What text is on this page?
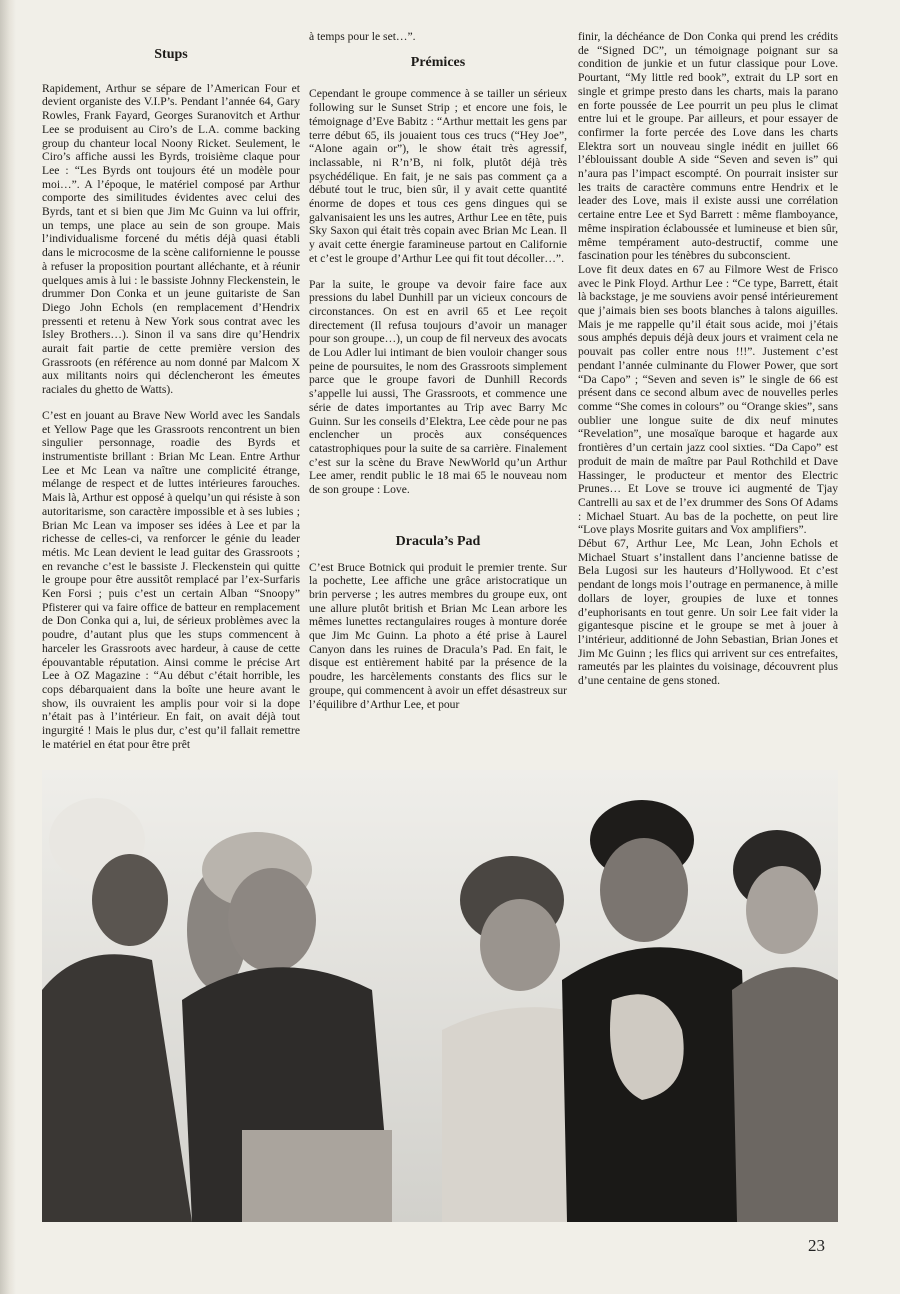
Stups

Rapidement, Arthur se sépare de l’American Four et devient organiste des V.I.P’s. Pendant l’année 64, Gary Rowles, Frank Fayard, Georges Suranovitch et Arthur Lee se produisent au Ciro’s de L.A. comme backing group du chanteur local Noony Ricket. Seulement, le Ciro’s affiche aussi les Byrds, troisième claque pour Lee : “Les Byrds ont toujours été un modèle pour moi…”. A l’époque, le matériel composé par Arthur comporte des similitudes évidentes avec celui des Byrds, tant et si bien que Jim Mc Guinn va lui offrir, un temps, une place au sein de son groupe. Mais l’individualisme forcené du métis déjà quasi établi dans le microcosme de la scène californienne le pousse à refuser la proposition pourtant alléchante, et à réunir quelques amis à lui : le bassiste Johnny Fleckenstein, le drummer Don Conka et un jeune guitariste de San Diego John Echols (en remplacement d’Hendrix pressenti et retenu à New York sous contrat avec les Isley Brothers…). Sinon il va sans dire qu’Hendrix aurait fait partie de cette première version des Grassroots (en référence au nom donné par Malcom X aux militants noirs qui déclencheront les émeutes raciales du ghetto de Watts).

C’est en jouant au Brave New World avec les Sandals et Yellow Page que les Grassroots rencontrent un bien singulier personnage, roadie des Byrds et instrumentiste brillant : Brian Mc Lean. Entre Arthur Lee et Mc Lean va naître une complicité étrange, mélange de respect et de luttes intérieures farouches. Mais là, Arthur est opposé à quelqu’un qui résiste à son autoritarisme, son caractère impossible et à ses lubies ; Brian Mc Lean va imposer ses idées à Lee et par la richesse de celles-ci, va renforcer le génie du leader métis. Mc Lean devient le lead guitar des Grassroots ; en revanche c’est le bassiste J. Fleckenstein qui quitte le groupe pour être aussitôt remplacé par l’ex-Surfaris Ken Forsi ; puis c’est un certain Alban “Snoopy” Pfisterer qui va faire office de batteur en remplacement de Don Conka qui a, lui, de sérieux problèmes avec la poudre, d’autant plus que les stups commencent à harceler les Grassroots avec hardeur, à cause de cette épouvantable réputation. Ainsi comme le précise Art Lee à OZ Magazine : “Au début c’était horrible, les cops débarquaient dans la boîte une heure avant le show, ils ouvraient les amplis pour voir si la dope n’était pas à l’intérieur. En fait, on avait déjà tout ingurgité ! Mais le plus dur, c’est qu’il fallait remettre le matériel en état pour être prêt

à temps pour le set…”.

Prémices

Cependant le groupe commence à se tailler un sérieux following sur le Sunset Strip ; et encore une fois, le témoignage d’Eve Babitz : “Arthur mettait les gens par terre début 65, ils jouaient tous ces trucs (“Hey Joe”, “Alone again or”), le show était très agressif, inclassable, ni R’n’B, ni folk, plutôt déjà très psychédélique. En fait, je ne sais pas comment ça a débuté tout le truc, bien sûr, il y avait cette quantité énorme de dopes et tous ces gens dingues qui se galvanisaient les uns les autres, Arthur Lee en tête, puis Sky Saxon qui était très copain avec Brian Mc Lean. Il y avait cette énergie faramineuse partout en Californie et c’est le groupe d’Arthur Lee qui fit tout décoller…”.

Par la suite, le groupe va devoir faire face aux pressions du label Dunhill par un vicieux concours de circonstances. On est en avril 65 et Lee reçoit directement (Il refusa toujours d’avoir un manager pour son groupe…), un coup de fil nerveux des avocats de Lou Adler lui intimant de bien vouloir changer sous peine de poursuites, le nom des Grassroots simplement parce que le groupe favori de Dunhill Records s’appelle lui aussi, The Grassroots, et commence une série de dates importantes au Trip avec Barry Mc Guinn. Sur les conseils d’Elektra, Lee cède pour ne pas enclencher un procès aux conséquences catastrophiques pour la suite de sa carrière. Finalement c’est sur la scène du Brave NewWorld qu’un Arthur Lee amer, rendit public le 18 mai 65 le nouveau nom de son groupe : Love.

Dracula’s Pad

C’est Bruce Botnick qui produit le premier trente. Sur la pochette, Lee affiche une grâce aristocratique un brin perverse ; les autres membres du groupe eux, ont une allure plutôt british et Brian Mc Lean arbore les mêmes lunettes rectangulaires rouges à monture dorée que Jim Mc Guinn. La photo a été prise à Laurel Canyon dans les ruines de Dracula’s Pad. En fait, le disque est entièrement habité par la présence de la poudre, les harcèlements constants des flics sur le groupe, qui commencent à avoir un effet désastreux sur l’équilibre d’Arthur Lee, et pour

finir, la déchéance de Don Conka qui prend les crédits de “Signed DC”, un témoignage poignant sur sa condition de junkie et un futur classique pour Love. Pourtant, “My little red book”, extrait du LP sort en single et grimpe presto dans les charts, mais la parano en forte poussée de Lee pourrit un peu plus le climat entre lui et le groupe. Par ailleurs, et pour essayer de confirmer la forte percée des Love dans les charts Elektra sort un nouveau single inédit en juillet 66 l’éblouissant double A side “Seven and seven is” qui n’aura pas l’impact escompté. On pourrait insister sur les traits de caractère communs entre Hendrix et le leader des Love, mais il existe aussi une corrélation certaine entre Lee et Syd Barrett : même flamboyance, même inspiration éclaboussée et lumineuse et bien sûr, même tempérament auto-destructif, comme une fascination pour les ténèbres du subconscient.

Love fit deux dates en 67 au Filmore West de Frisco avec le Pink Floyd. Arthur Lee : “Ce type, Barrett, était là backstage, je me souviens avoir pensé intérieurement que j’aimais bien ses boots blanches à talons aiguilles. Mais je me rappelle qu’il était sous acide, moi j’étais sous amphés depuis déjà deux jours et vraiment cela ne pouvait pas coller entre nous !!!”. Justement c’est pendant l’année culminante du Flower Power, que sort “Da Capo” ; “Seven and seven is” le single de 66 est présent dans ce second album avec de nouvelles perles comme “She comes in colours” ou “Orange skies”, sans oublier une longue suite de dix neuf minutes “Revelation”, une mosaïque baroque et hagarde aux frontières d’un certain jazz cool sixties. “Da Capo” est produit de main de maître par Paul Rothchild et Dave Hassinger, le producteur et mentor des Electric Prunes… Et Love se trouve ici augmenté de Tjay Cantrelli au sax et de l’ex drummer des Sons Of Adams : Michael Stuart. Au bas de la pochette, on peut lire “Love plays Mosrite guitars and Vox amplifiers”.

Début 67, Arthur Lee, Mc Lean, John Echols et Michael Stuart s’installent dans l’ancienne batisse de Bela Lugosi sur les hauteurs d’Hollywood. Et c’est pendant de longs mois l’outrage en permanence, à mille dollars de loyer, groupies de luxe et tonnes d’euphorisants en tout genre. Un soir Lee fait vider la gigantesque piscine et le groupe se met à jouer à l’intérieur, additionné de John Sebastian, Brian Jones et Jim Mc Guinn ; les flics qui arrivent sur ces entrefaites, rameutés par les plaintes du voisinage, découvrent plus d’une centaine de gens stoned.

23
